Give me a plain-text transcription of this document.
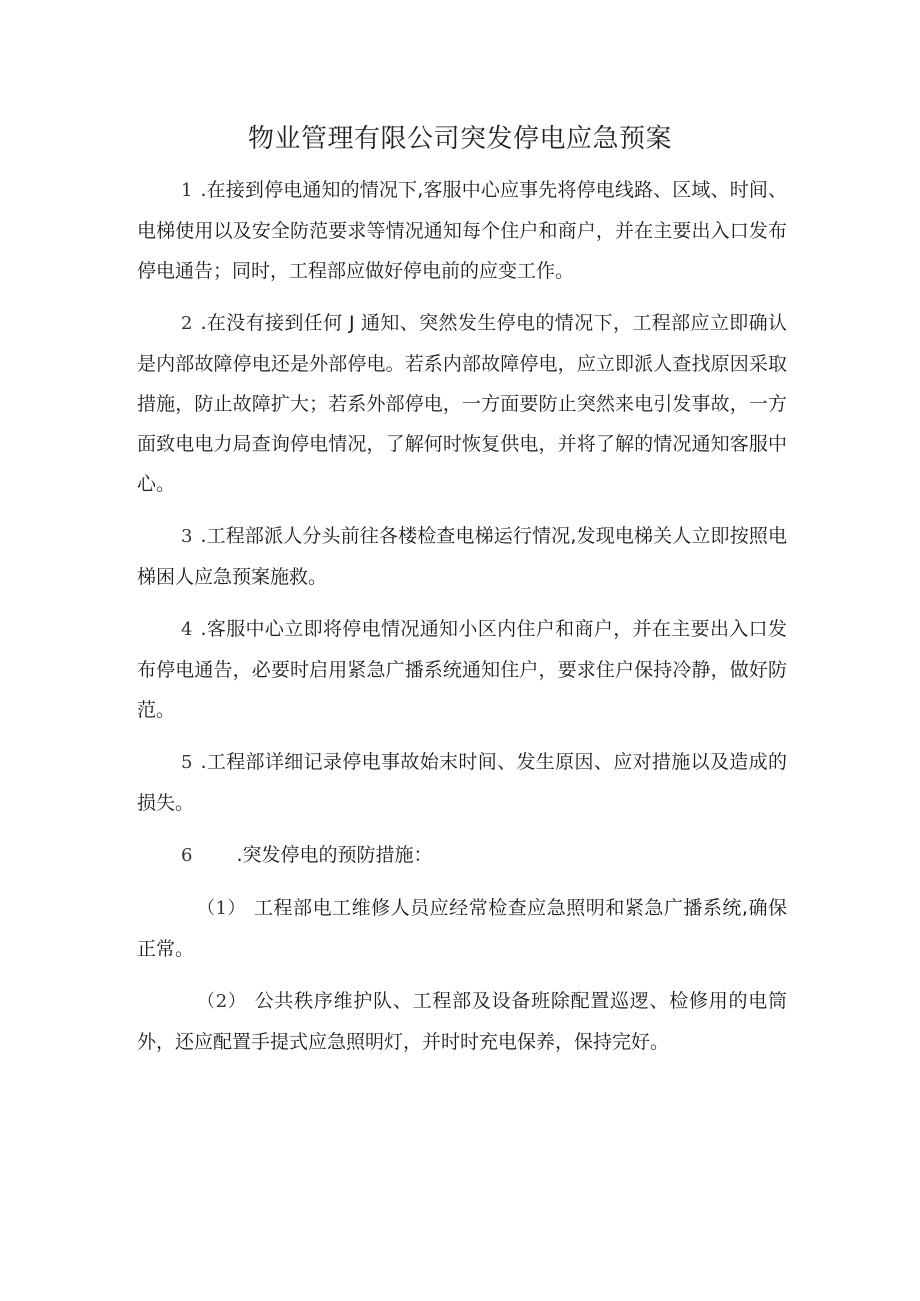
物业管理有限公司突发停电应急预案

1 .在接到停电通知的情况下,客服中心应事先将停电线路、区域、时间、电梯使用以及安全防范要求等情况通知每个住户和商户，并在主要出入口发布停电通告；同时，工程部应做好停电前的应变工作。

2 .在没有接到任何 J 通知、突然发生停电的情况下，工程部应立即确认是内部故障停电还是外部停电。若系内部故障停电，应立即派人查找原因采取措施，防止故障扩大；若系外部停电，一方面要防止突然来电引发事故，一方面致电电力局查询停电情况，了解何时恢复供电，并将了解的情况通知客服中心。

3 .工程部派人分头前往各楼检查电梯运行情况,发现电梯关人立即按照电梯困人应急预案施救。

4 .客服中心立即将停电情况通知小区内住户和商户，并在主要出入口发布停电通告，必要时启用紧急广播系统通知住户，要求住户保持冷静，做好防范。

5 .工程部详细记录停电事故始末时间、发生原因、应对措施以及造成的损失。

6 .突发停电的预防措施：

（1） 工程部电工维修人员应经常检查应急照明和紧急广播系统,确保正常。

（2） 公共秩序维护队、工程部及设备班除配置巡逻、检修用的电筒外，还应配置手提式应急照明灯，并时时充电保养，保持完好。
